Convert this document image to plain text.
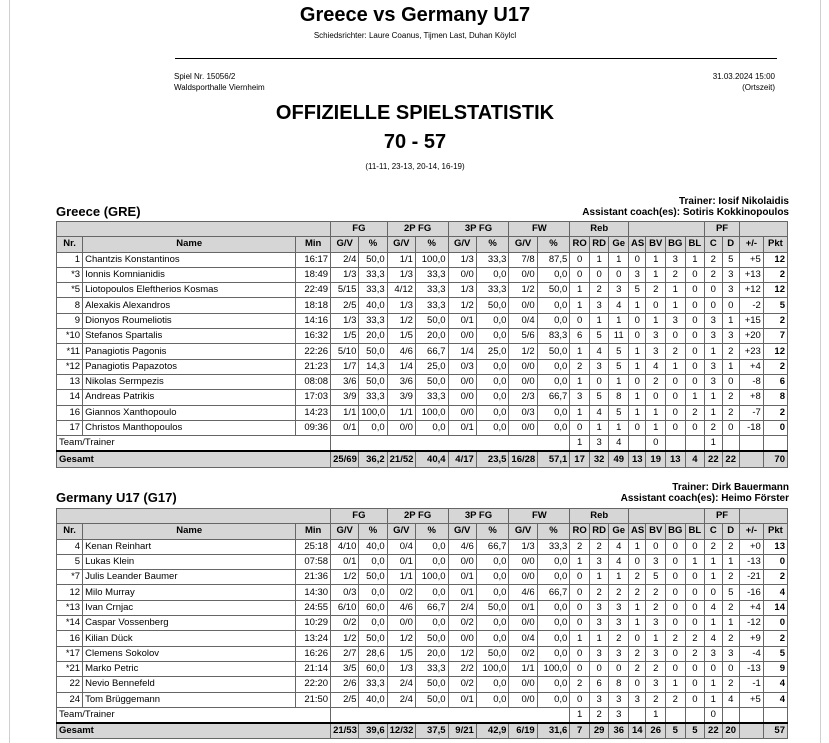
Greece vs Germany U17
Schiedsrichter: Laure Coanus, Tijmen Last, Duhan Köylcl
Spiel Nr. 15056/2
Waldsporthalle Viernheim
31.03.2024 15:00
(Ortszeit)
OFFIZIELLE SPIELSTATISTIK
70 - 57
(11-11, 23-13, 20-14, 16-19)
Greece (GRE)
Trainer: Iosif Nikolaidis
Assistant coach(es): Sotiris Kokkinopoulos
			FG		2P FG		3P FG		FW		Reb							PF			
Nr.	Name	Min	G/V	%	G/V	%	G/V	%	G/V	%	RO	RD	Ge	AS	BV	BG	BL	C	D	+/-	Pkt
1	Chantzis Konstantinos	16:17	2/4	50,0	1/1	100,0	1/3	33,3	7/8	87,5	0	1	1	0	1	3	1	2	5	+5	12
*3	Ionnis Komnianidis	18:49	1/3	33,3	1/3	33,3	0/0	0,0	0/0	0,0	0	0	0	3	1	2	0	2	3	+13	2
*5	Liotopoulos Eleftherios Kosmas	22:49	5/15	33,3	4/12	33,3	1/3	33,3	1/2	50,0	1	2	3	5	2	1	0	0	3	+12	12
8	Alexakis Alexandros	18:18	2/5	40,0	1/3	33,3	1/2	50,0	0/0	0,0	1	3	4	1	0	1	0	0	0	-2	5
9	Dionyos Roumeliotis	14:16	1/3	33,3	1/2	50,0	0/1	0,0	0/4	0,0	0	1	1	0	1	3	0	3	1	+15	2
*10	Stefanos Spartalis	16:32	1/5	20,0	1/5	20,0	0/0	0,0	5/6	83,3	6	5	11	0	3	0	0	3	3	+20	7
*11	Panagiotis Pagonis	22:26	5/10	50,0	4/6	66,7	1/4	25,0	1/2	50,0	1	4	5	1	3	2	0	1	2	+23	12
*12	Panagiotis Papazotos	21:23	1/7	14,3	1/4	25,0	0/3	0,0	0/0	0,0	2	3	5	1	4	1	0	3	1	+4	2
13	Nikolas Sermpezis	08:08	3/6	50,0	3/6	50,0	0/0	0,0	0/0	0,0	1	0	1	0	2	0	0	3	0	-8	6
14	Andreas Patrikis	17:03	3/9	33,3	3/9	33,3	0/0	0,0	2/3	66,7	3	5	8	1	0	0	1	1	2	+8	8
16	Giannos Xanthopoulo	14:23	1/1	100,0	1/1	100,0	0/0	0,0	0/3	0,0	1	4	5	1	1	0	2	1	2	-7	2
17	Christos Manthopoulos	09:36	0/1	0,0	0/0	0,0	0/1	0,0	0/0	0,0	0	1	1	0	1	0	0	2	0	-18	0
Team/Trainer											1	3	4		0			1			
Gesamt			25/69	36,2	21/52	40,4	4/17	23,5	16/28	57,1	17	32	49	13	19	13	4	22	22		70
Germany U17 (G17)
Trainer: Dirk Bauermann
Assistant coach(es): Heimo Förster
			FG		2P FG		3P FG		FW		Reb							PF			
Nr.	Name	Min	G/V	%	G/V	%	G/V	%	G/V	%	RO	RD	Ge	AS	BV	BG	BL	C	D	+/-	Pkt
4	Kenan Reinhart	25:18	4/10	40,0	0/4	0,0	4/6	66,7	1/3	33,3	2	2	4	1	0	0	0	2	2	+0	13
5	Lukas Klein	07:58	0/1	0,0	0/1	0,0	0/0	0,0	0/0	0,0	1	3	4	0	3	0	1	1	1	-13	0
*7	Julis Leander Baumer	21:36	1/2	50,0	1/1	100,0	0/1	0,0	0/0	0,0	0	1	1	2	5	0	0	1	2	-21	2
12	Milo Murray	14:30	0/3	0,0	0/2	0,0	0/1	0,0	4/6	66,7	0	2	2	2	2	0	0	0	5	-16	4
*13	Ivan Crnjac	24:55	6/10	60,0	4/6	66,7	2/4	50,0	0/1	0,0	0	3	3	1	2	0	0	4	2	+4	14
*14	Caspar Vossenberg	10:29	0/2	0,0	0/0	0,0	0/2	0,0	0/0	0,0	0	3	3	1	3	0	0	1	1	-12	0
16	Kilian Dück	13:24	1/2	50,0	1/2	50,0	0/0	0,0	0/4	0,0	1	1	2	0	1	2	2	4	2	+9	2
*17	Clemens Sokolov	16:26	2/7	28,6	1/5	20,0	1/2	50,0	0/2	0,0	0	3	3	2	3	0	2	3	3	-4	5
*21	Marko Petric	21:14	3/5	60,0	1/3	33,3	2/2	100,0	1/1	100,0	0	0	0	2	2	0	0	0	0	-13	9
22	Nevio Bennefeld	22:20	2/6	33,3	2/4	50,0	0/2	0,0	0/0	0,0	2	6	8	0	3	1	0	1	2	-1	4
24	Tom Brüggemann	21:50	2/5	40,0	2/4	50,0	0/1	0,0	0/0	0,0	0	3	3	3	2	2	0	1	4	+5	4
Team/Trainer											1	2	3		1			0			
Gesamt			21/53	39,6	12/32	37,5	9/21	42,9	6/19	31,6	7	29	36	14	26	5	5	22	20		57
